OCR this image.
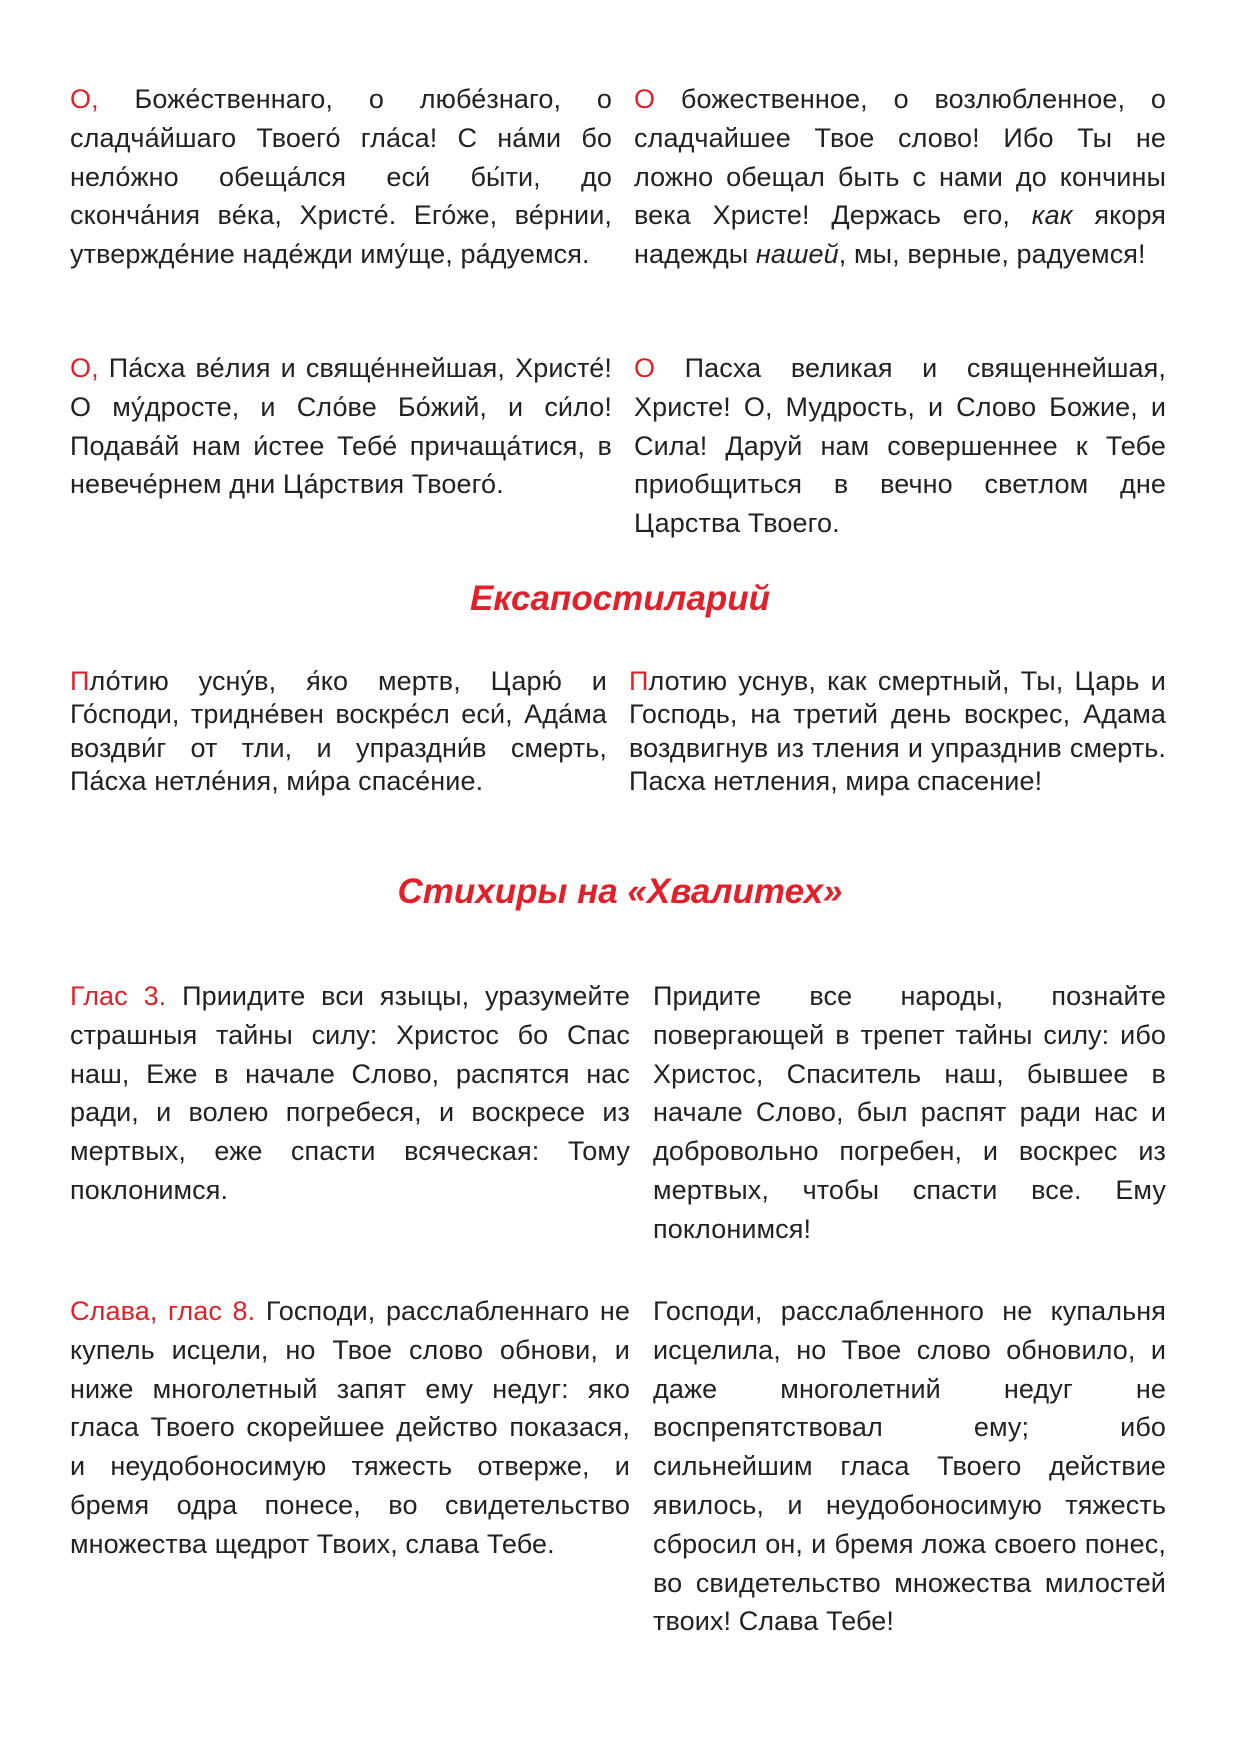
О, Боже́ственнаго, о любе́знаго, о сладча́йшаго Твоего́ гла́са! С на́ми бо нело́жно обеща́лся еси́ бы́ти, до сконча́ния ве́ка, Христе́. Его́же, ве́рнии, утвержде́ние наде́жди иму́ще, ра́дуемся.

О божественное, о возлюбленное, о сладчайшее Твое слово! Ибо Ты не ложно обещал быть с нами до кончины века Христе! Держась его, как якоря надежды нашей, мы, верные, радуемся!

О, Па́сха ве́лия и свяще́ннейшая, Христе́! О му́дросте, и Сло́ве Бо́жий, и си́ло! Подава́й нам и́стее Тебе́ причаща́тися, в невече́рнем дни Ца́рствия Твоего́.

О Пасха великая и священнейшая, Христе! О, Мудрость, и Слово Божие, и Сила! Даруй нам совершеннее к Тебе приобщиться в вечно светлом дне Царства Твоего.

Ексапостиларий

Пло́тию усну́в, я́ко мертв, Царю́ и Го́споди, тридне́вен воскре́сл еси́, Ада́ма воздви́г от тли, и упраздни́в смерть, Па́сха нетле́ния, ми́ра спасе́ние.

Плотию уснув, как смертный, Ты, Царь и Господь, на третий день воскрес, Адама воздвигнув из тления и упразднив смерть. Пасха нетления, мира спасение!

Стихиры на «Хвалитех»

Глас 3. Приидите вси языцы, уразумейте страшныя тайны силу: Христос бо Спас наш, Еже в начале Слово, распятся нас ради, и волею погребеся, и воскресе из мертвых, еже спасти всяческая: Тому поклонимся.

Придите все народы, познайте повергающей в трепет тайны силу: ибо Христос, Спаситель наш, бывшее в начале Слово, был распят ради нас и добровольно погребен, и воскрес из мертвых, чтобы спасти все. Ему поклонимся!

Слава, глас 8. Господи, расслабленнаго не купель исцели, но Твое слово обнови, и ниже многолетный запят ему недуг: яко гласа Твоего скорейшее действо показася, и неудобоносимую тяжесть отверже, и бремя одра понесе, во свидетельство множества щедрот Твоих, слава Тебе.

Господи, расслабленного не купальня исцелила, но Твое слово обновило, и даже многолетний недуг не воспрепятствовал ему; ибо сильнейшим гласа Твоего действие явилось, и неудобоносимую тяжесть сбросил он, и бремя ложа своего понес, во свидетельство множества милостей твоих! Слава Тебе!
